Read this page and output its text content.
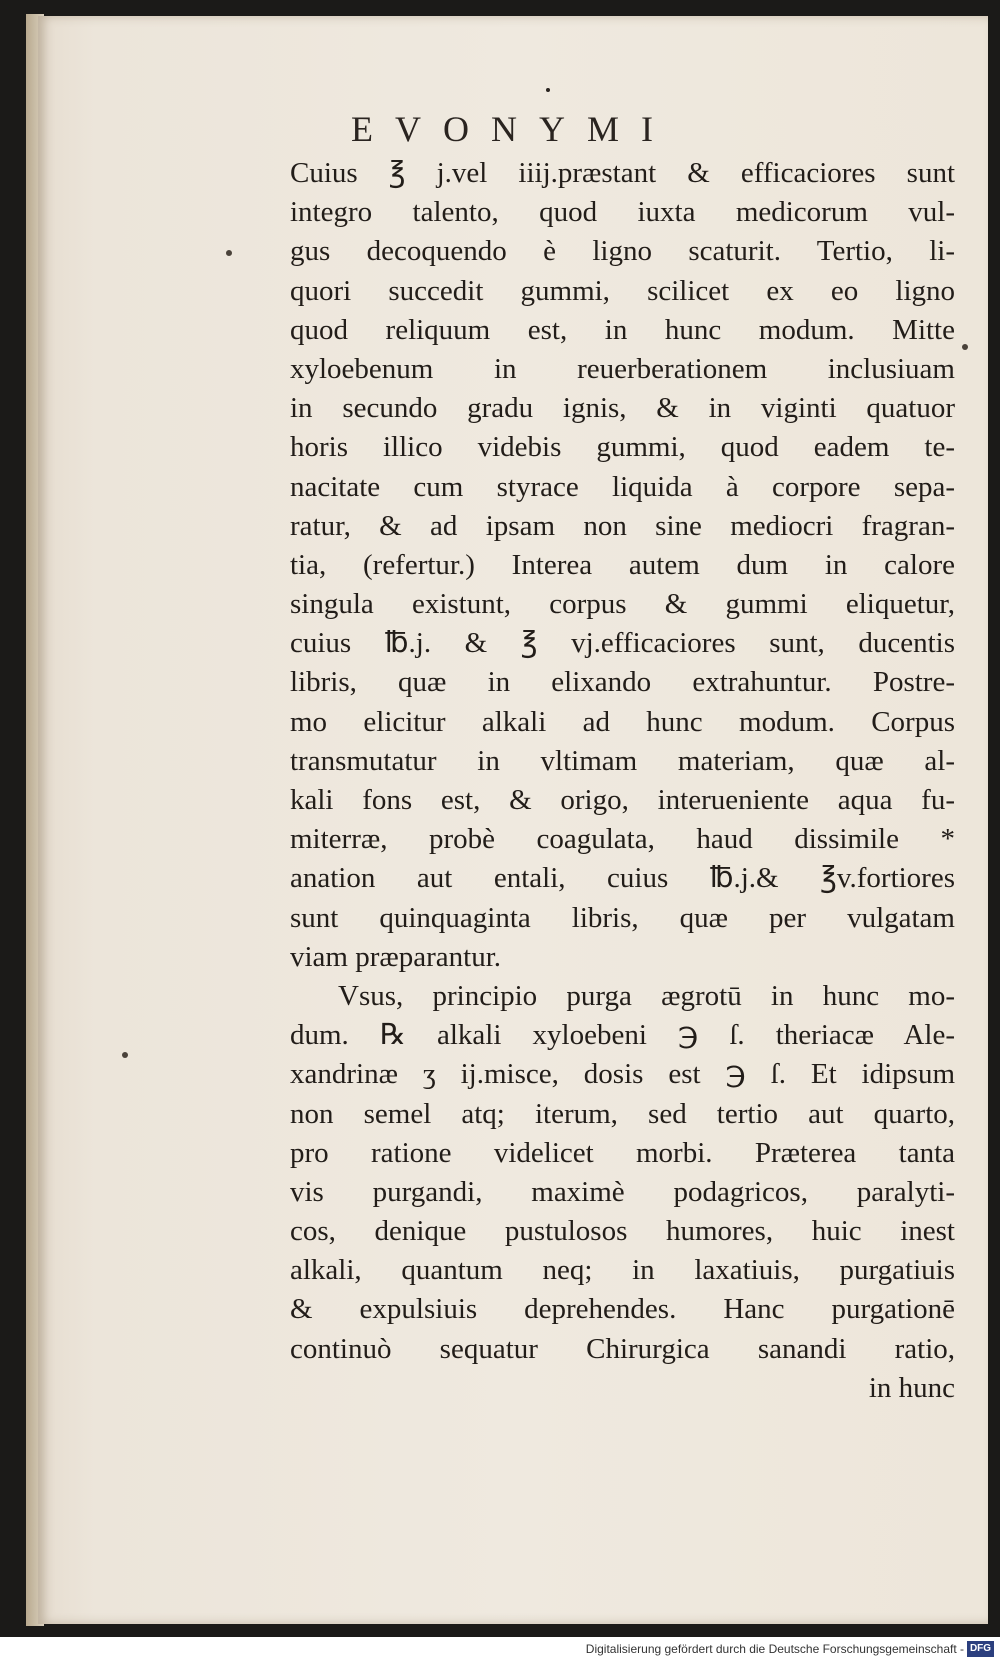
EVONYMI
Cuius ℥ j.vel iiij.præstant & efficaciores sunt
integro talento, quod iuxta medicorum vul-
gus decoquendo è ligno scaturit. Tertio, li-
quori succedit gummi, scilicet ex eo ligno
quod reliquum est, in hunc modum. Mitte
xyloebenum in reuerberationem inclusiuam
in secundo gradu ignis, & in viginti quatuor
horis illico videbis gummi, quod eadem te-
nacitate cum styrace liquida à corpore sepa-
ratur, & ad ipsam non sine mediocri fragran-
tia, (refertur.) Interea autem dum in calore
singula existunt, corpus & gummi eliquetur,
cuius ℔.j. & ℥ vj.efficaciores sunt, ducentis
libris, quæ in elixando extrahuntur. Postre-
mo elicitur alkali ad hunc modum. Corpus
transmutatur in vltimam materiam, quæ al-
kali fons est, & origo, interueniente aqua fu-
miterræ, probè coagulata, haud dissimile *
anation aut entali, cuius ℔.j.& ℥v.fortiores
sunt quinquaginta libris, quæ per vulgatam
viam præparantur.
Vsus, principio purga ægrotū in hunc mo-
dum. ℞ alkali xyloebeni ℈ ſ. theriacæ Ale-
xandrinæ ʒ ij.misce, dosis est ℈ ſ. Et idipsum
non semel atq; iterum, sed tertio aut quarto,
pro ratione videlicet morbi. Præterea tanta
vis purgandi, maximè podagricos, paralyti-
cos, denique pustulosos humores, huic inest
alkali, quantum neq; in laxatiuis, purgatiuis
& expulsiuis deprehendes. Hanc purgationē
continuò sequatur Chirurgica sanandi ratio,
in hunc
Digitalisierung gefördert durch die Deutsche Forschungsgemeinschaft - DFG
